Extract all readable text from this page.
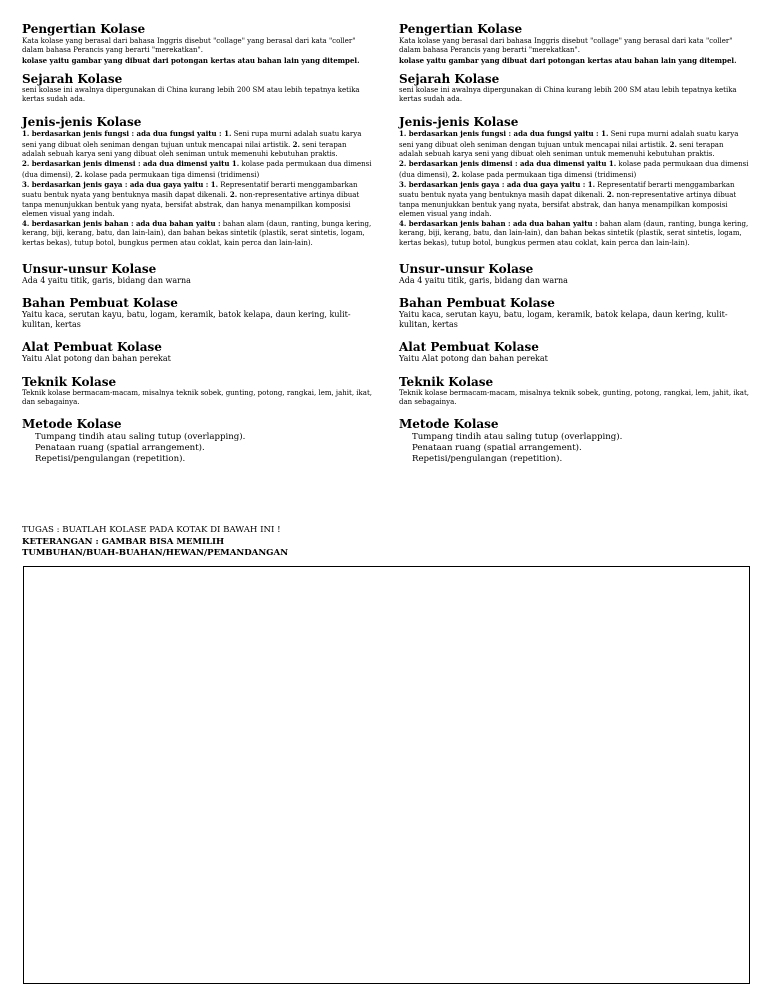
Pengertian Kolase

Kata kolase yang berasal dari bahasa Inggris disebut "collage" yang berasal dari kata "coller" dalam bahasa Perancis yang berarti "merekatkan".

kolase yaitu gambar yang dibuat dari potongan kertas atau bahan lain yang ditempel.

Sejarah Kolase

seni kolase ini awalnya dipergunakan di China kurang lebih 200 SM atau lebih tepatnya ketika kertas sudah ada.

Jenis-jenis Kolase

1. berdasarkan jenis fungsi : ada dua fungsi yaitu : 1. Seni rupa murni adalah suatu karya seni yang dibuat oleh seniman dengan tujuan untuk mencapai nilai artistik. 2. seni terapan adalah sebuah karya seni yang dibuat oleh seniman untuk memenuhi kebutuhan praktis.

2. berdasarkan jenis dimensi : ada dua dimensi yaitu 1. kolase pada permukaan dua dimensi (dua dimensi), 2. kolase pada permukaan tiga dimensi (tridimensi)

3. berdasarkan jenis gaya : ada dua gaya yaitu : 1. Representatif berarti menggambarkan suatu bentuk nyata yang bentuknya masih dapat dikenali. 2. non-representative artinya dibuat tanpa menunjukkan bentuk yang nyata, bersifat abstrak, dan hanya menampilkan komposisi elemen visual yang indah.

4. berdasarkan jenis bahan : ada dua bahan yaitu : bahan alam (daun, ranting, bunga kering, kerang, biji, kerang, batu, dan lain-lain), dan bahan bekas sintetik (plastik, serat sintetis, logam, kertas bekas), tutup botol, bungkus permen atau coklat, kain perca dan lain-lain).

Unsur-unsur Kolase

Ada 4 yaitu titik, garis, bidang dan warna

Bahan Pembuat Kolase

Yaitu kaca, serutan kayu, batu, logam, keramik, batok kelapa, daun kering, kulit-kulitan, kertas

Alat Pembuat Kolase

Yaitu Alat potong dan bahan perekat

Teknik Kolase

Teknik kolase bermacam-macam, misalnya teknik sobek, gunting, potong, rangkai, lem, jahit, ikat, dan sebagainya.

Metode Kolase
Tumpang tindih atau saling tutup (overlapping).
Penataan ruang (spatial arrangement).
Repetisi/pengulangan (repetition).
Pengertian Kolase

Kata kolase yang berasal dari bahasa Inggris disebut "collage" yang berasal dari kata "coller" dalam bahasa Perancis yang berarti "merekatkan".

kolase yaitu gambar yang dibuat dari potongan kertas atau bahan lain yang ditempel.

Sejarah Kolase

seni kolase ini awalnya dipergunakan di China kurang lebih 200 SM atau lebih tepatnya ketika kertas sudah ada.

Jenis-jenis Kolase

1. berdasarkan jenis fungsi : ada dua fungsi yaitu : 1. Seni rupa murni adalah suatu karya seni yang dibuat oleh seniman dengan tujuan untuk mencapai nilai artistik. 2. seni terapan adalah sebuah karya seni yang dibuat oleh seniman untuk memenuhi kebutuhan praktis.

2. berdasarkan jenis dimensi : ada dua dimensi yaitu 1. kolase pada permukaan dua dimensi (dua dimensi), 2. kolase pada permukaan tiga dimensi (tridimensi)

3. berdasarkan jenis gaya : ada dua gaya yaitu : 1. Representatif berarti menggambarkan suatu bentuk nyata yang bentuknya masih dapat dikenali. 2. non-representative artinya dibuat tanpa menunjukkan bentuk yang nyata, bersifat abstrak, dan hanya menampilkan komposisi elemen visual yang indah.

4. berdasarkan jenis bahan : ada dua bahan yaitu : bahan alam (daun, ranting, bunga kering, kerang, biji, kerang, batu, dan lain-lain), dan bahan bekas sintetik (plastik, serat sintetis, logam, kertas bekas), tutup botol, bungkus permen atau coklat, kain perca dan lain-lain).

Unsur-unsur Kolase

Ada 4 yaitu titik, garis, bidang dan warna

Bahan Pembuat Kolase

Yaitu kaca, serutan kayu, batu, logam, keramik, batok kelapa, daun kering, kulit-kulitan, kertas

Alat Pembuat Kolase

Yaitu Alat potong dan bahan perekat

Teknik Kolase

Teknik kolase bermacam-macam, misalnya teknik sobek, gunting, potong, rangkai, lem, jahit, ikat, dan sebagainya.

Metode Kolase
Tumpang tindih atau saling tutup (overlapping).
Penataan ruang (spatial arrangement).
Repetisi/pengulangan (repetition).
TUGAS : BUATLAH KOLASE PADA KOTAK DI BAWAH INI !
KETERANGAN : GAMBAR BISA MEMILIH
TUMBUHAN/BUAH-BUAHAN/HEWAN/PEMANDANGAN
